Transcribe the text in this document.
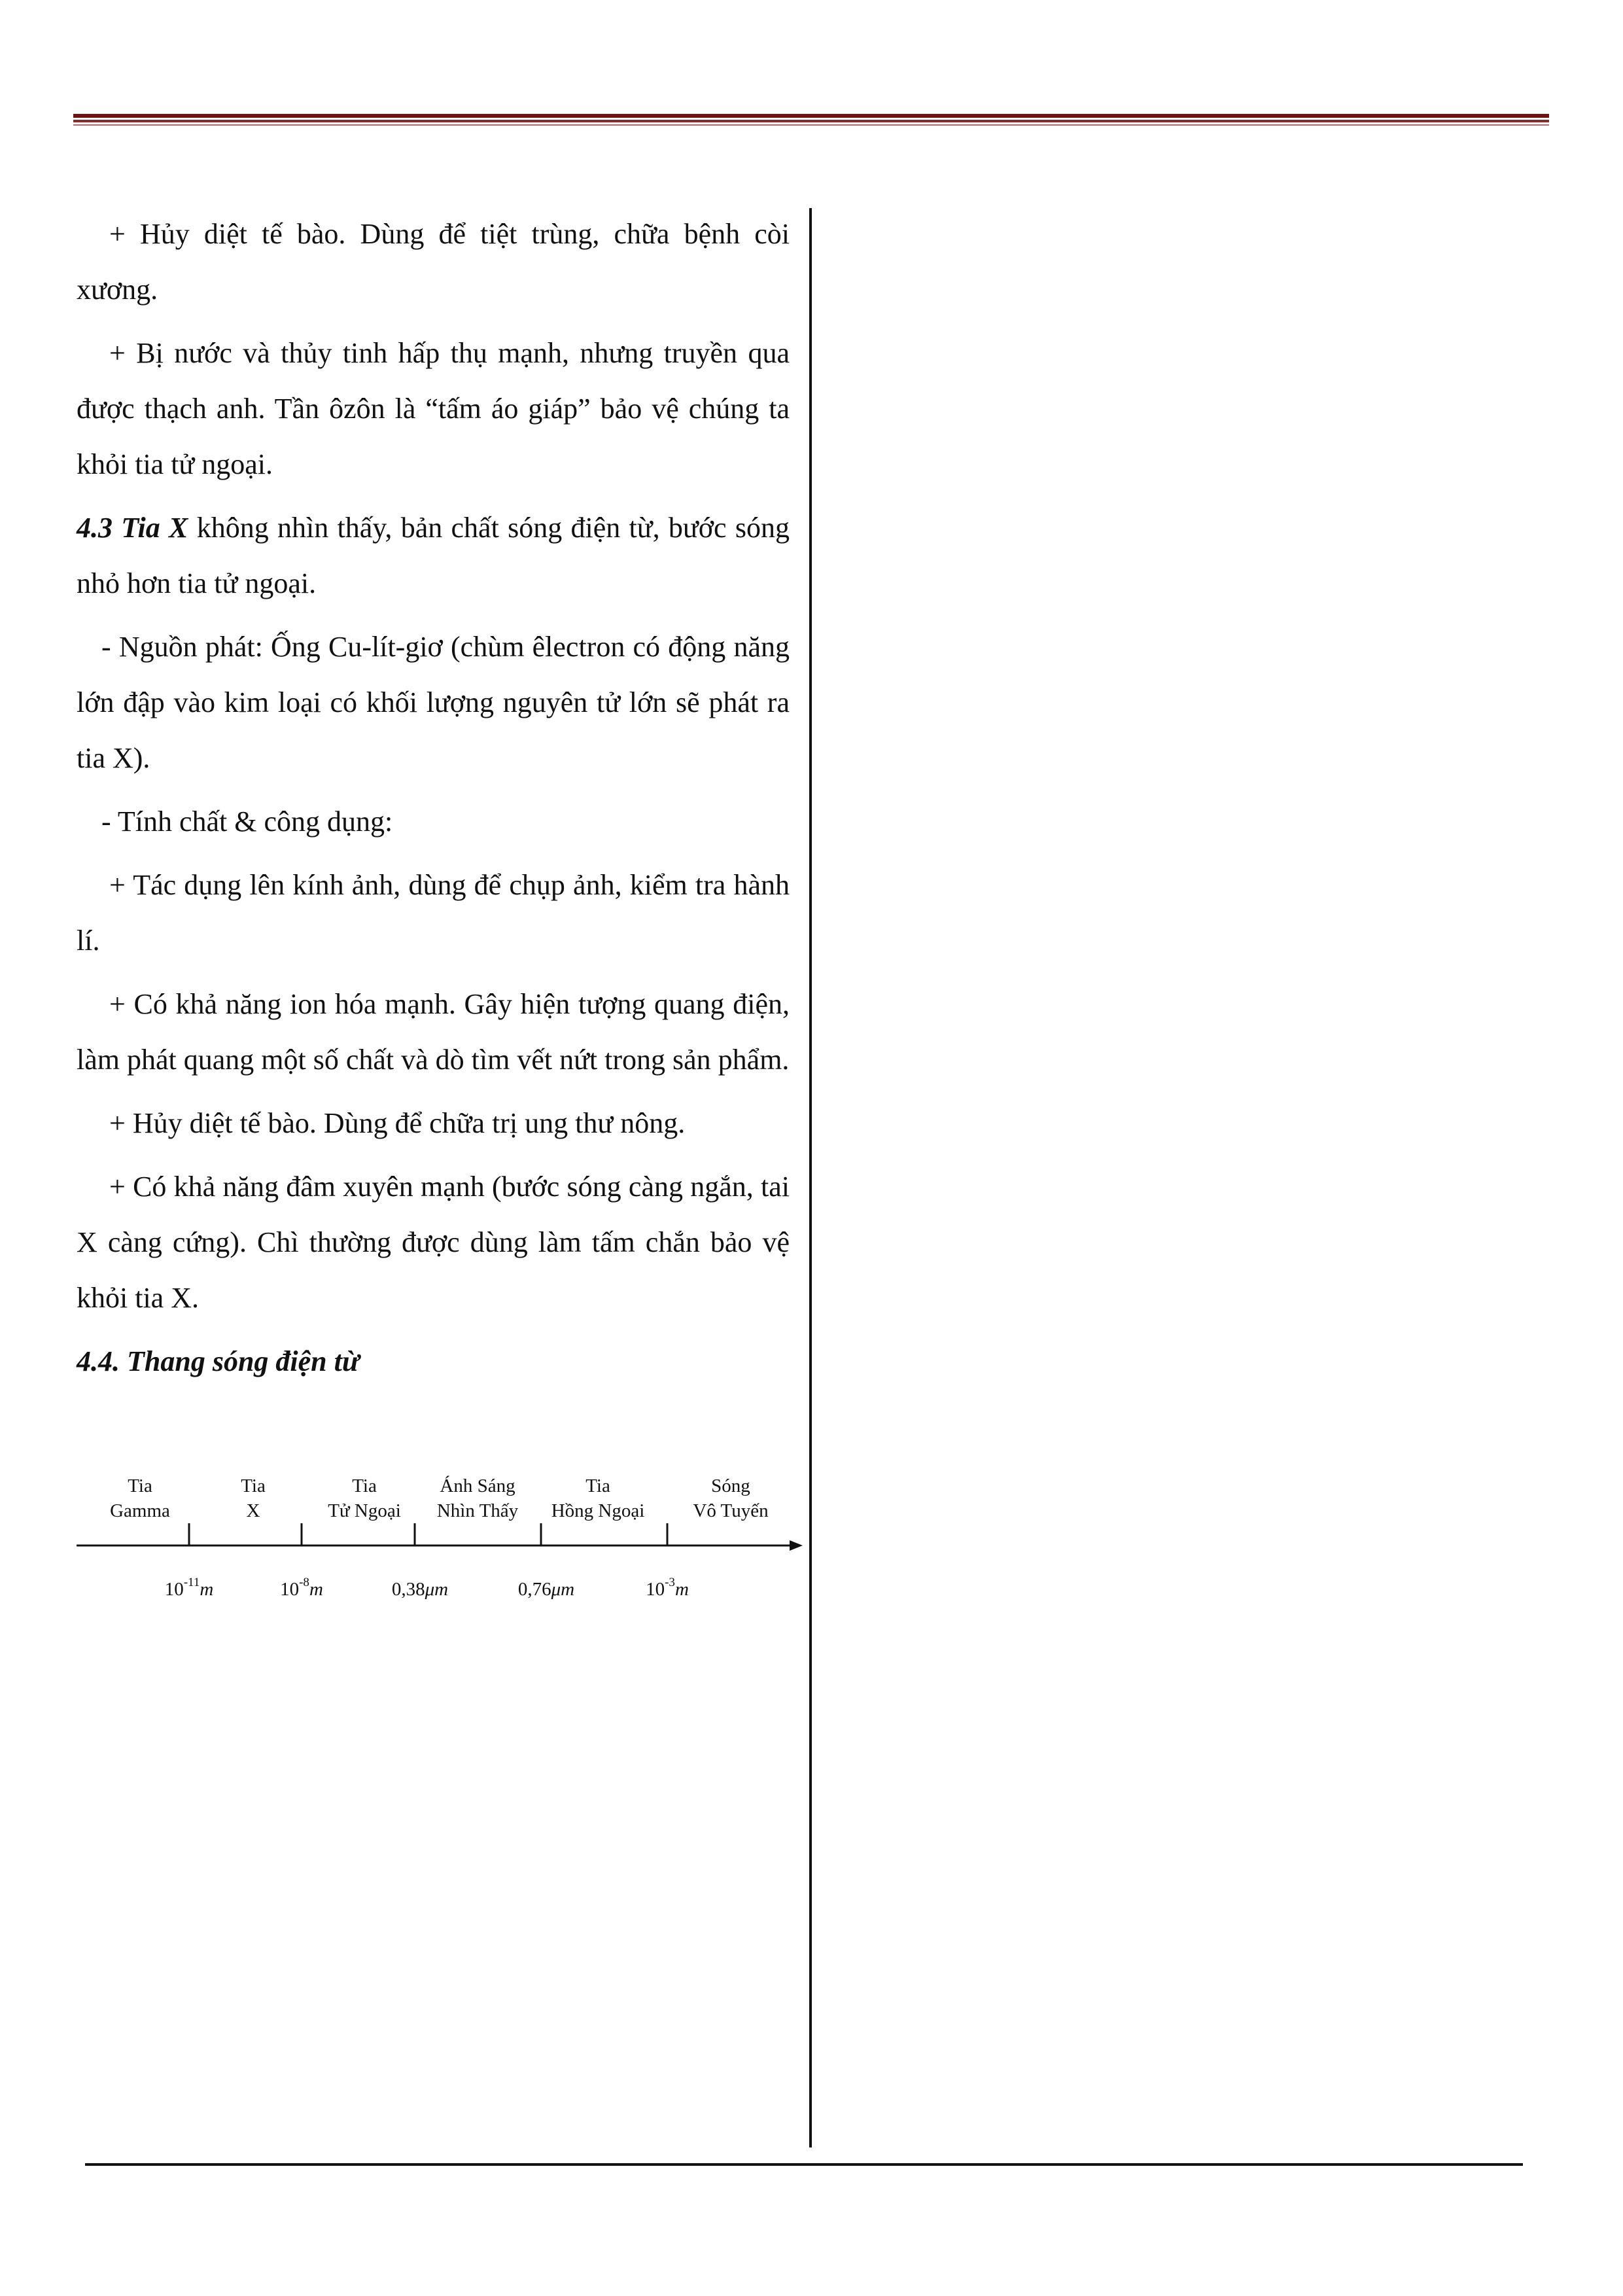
+ Hủy diệt tế bào. Dùng để tiệt trùng, chữa bệnh còi xương.

+ Bị nước và thủy tinh hấp thụ mạnh, nhưng truyền qua được thạch anh. Tần ôzôn là “tấm áo giáp” bảo vệ chúng ta khỏi tia tử ngoại.

4.3 Tia X không nhìn thấy, bản chất sóng điện từ, bước sóng nhỏ hơn tia tử ngoại.

- Nguồn phát: Ống Cu-lít-giơ (chùm êlectron có động năng lớn đập vào kim loại có khối lượng nguyên tử lớn sẽ phát ra tia X).

- Tính chất & công dụng:

+ Tác dụng lên kính ảnh, dùng để chụp ảnh, kiểm tra hành lí.

+ Có khả năng ion hóa mạnh. Gây hiện tượng quang điện, làm phát quang một số chất và dò tìm vết nứt trong sản phẩm.

+ Hủy diệt tế bào. Dùng để chữa trị ung thư nông.

+ Có khả năng đâm xuyên mạnh (bước sóng càng ngắn, tai X càng cứng). Chì thường được dùng làm tấm chắn bảo vệ khỏi tia X.

4.4. Thang sóng điện từ

Tia
Gamma
Tia
X
Tia
Tử Ngoại
Ánh Sáng
Nhìn Thấy
Tia
Hồng Ngoại
Sóng
Vô Tuyến
$10^{-11}m$	$10^{-8}m$	0,38μm	0,76μm	$10^{-3}m$
